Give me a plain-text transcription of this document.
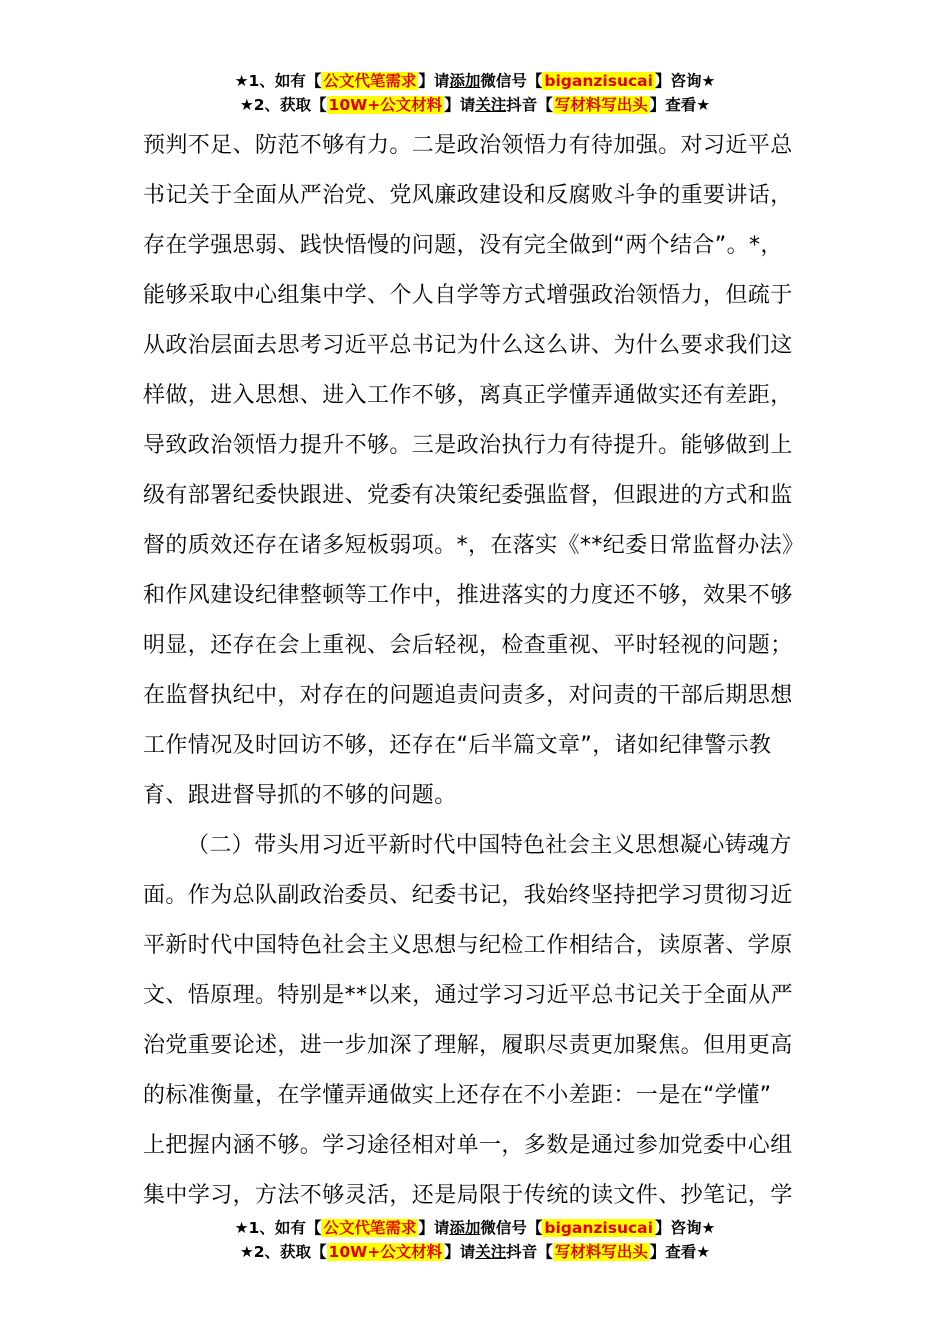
★1、如有【 公文代笔需求 】请添加微信号【 biganzisucai 】咨询★
★2、获取【 10W+公文材料 】请关注抖音【 写材料写出头 】查看★
预判不足、防范不够有力。二是政治领悟力有待加强。对习近平总
书记关于全面从严治党、党风廉政建设和反腐败斗争的重要讲话，
存在学强思弱、践快悟慢的问题，没有完全做到“两个结合”。*，
能够采取中心组集中学、个人自学等方式增强政治领悟力，但疏于
从政治层面去思考习近平总书记为什么这么讲、为什么要求我们这
样做，进入思想、进入工作不够，离真正学懂弄通做实还有差距，
导致政治领悟力提升不够。三是政治执行力有待提升。能够做到上
级有部署纪委快跟进、党委有决策纪委强监督，但跟进的方式和监
督的质效还存在诸多短板弱项。*，在落实《**纪委日常监督办法》
和作风建设纪律整顿等工作中，推进落实的力度还不够，效果不够
明显，还存在会上重视、会后轻视，检查重视、平时轻视的问题；
在监督执纪中，对存在的问题追责问责多，对问责的干部后期思想
工作情况及时回访不够，还存在“后半篇文章”，诸如纪律警示教
育、跟进督导抓的不够的问题。
（二）带头用习近平新时代中国特色社会主义思想凝心铸魂方
面。作为总队副政治委员、纪委书记，我始终坚持把学习贯彻习近
平新时代中国特色社会主义思想与纪检工作相结合，读原著、学原
文、悟原理。特别是**以来，通过学习习近平总书记关于全面从严
治党重要论述，进一步加深了理解，履职尽责更加聚焦。但用更高
的标准衡量，在学懂弄通做实上还存在不小差距：一是在“学懂”
上把握内涵不够。学习途径相对单一，多数是通过参加党委中心组
集中学习，方法不够灵活，还是局限于传统的读文件、抄笔记，学
★1、如有【 公文代笔需求 】请添加微信号【 biganzisucai 】咨询★
★2、获取【 10W+公文材料 】请关注抖音【 写材料写出头 】查看★
